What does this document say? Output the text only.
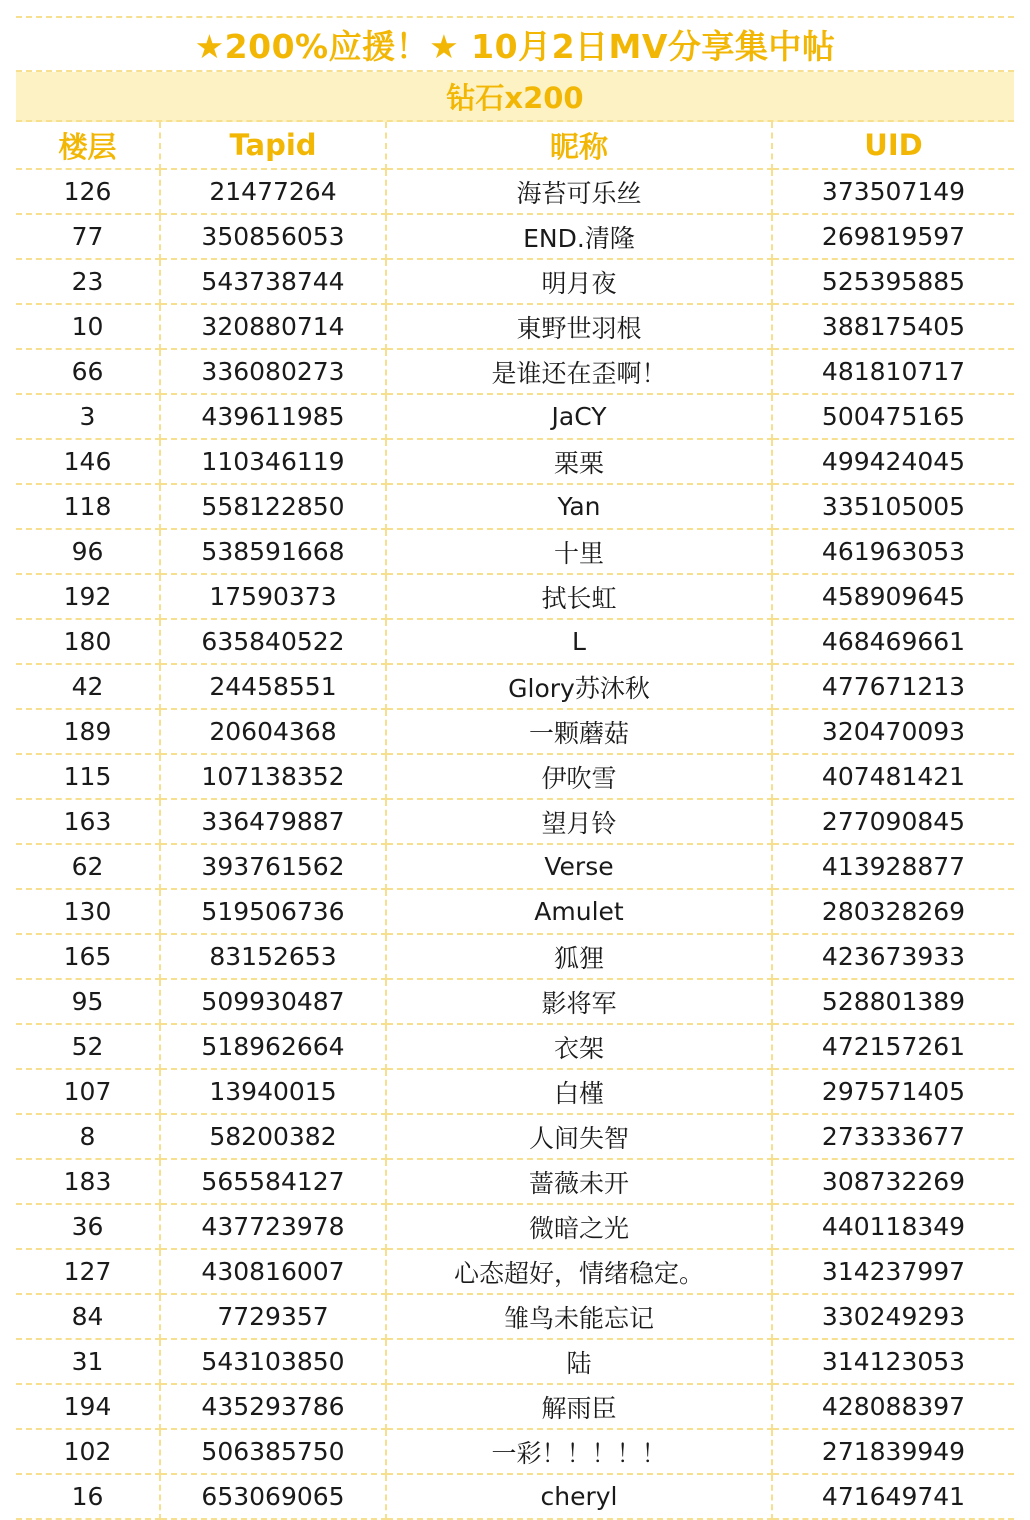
★200%应援！★ 10月2日MV分享集中帖
钻石x200
楼层	Tapid	昵称	UID
126	21477264	海苔可乐丝	373507149
77	350856053	END.清隆	269819597
23	543738744	明月夜	525395885
10	320880714	東野世羽根	388175405
66	336080273	是谁还在歪啊！	481810717
3	439611985	JaCY	500475165
146	110346119	栗栗	499424045
118	558122850	Yan	335105005
96	538591668	十里	461963053
192	17590373	拭长虹	458909645
180	635840522	L	468469661
42	24458551	Glory苏沐秋	477671213
189	20604368	一颗蘑菇	320470093
115	107138352	伊吹雪	407481421
163	336479887	望月铃	277090845
62	393761562	Verse	413928877
130	519506736	Amulet	280328269
165	83152653	狐狸	423673933
95	509930487	影将军	528801389
52	518962664	衣架	472157261
107	13940015	白槿	297571405
8	58200382	人间失智	273333677
183	565584127	蔷薇未开	308732269
36	437723978	微暗之光	440118349
127	430816007	心态超好，情绪稳定。	314237997
84	7729357	雏鸟未能忘记	330249293
31	543103850	陆	314123053
194	435293786	解雨臣	428088397
102	506385750	一彩！！！！！	271839949
16	653069065	cheryl	471649741
